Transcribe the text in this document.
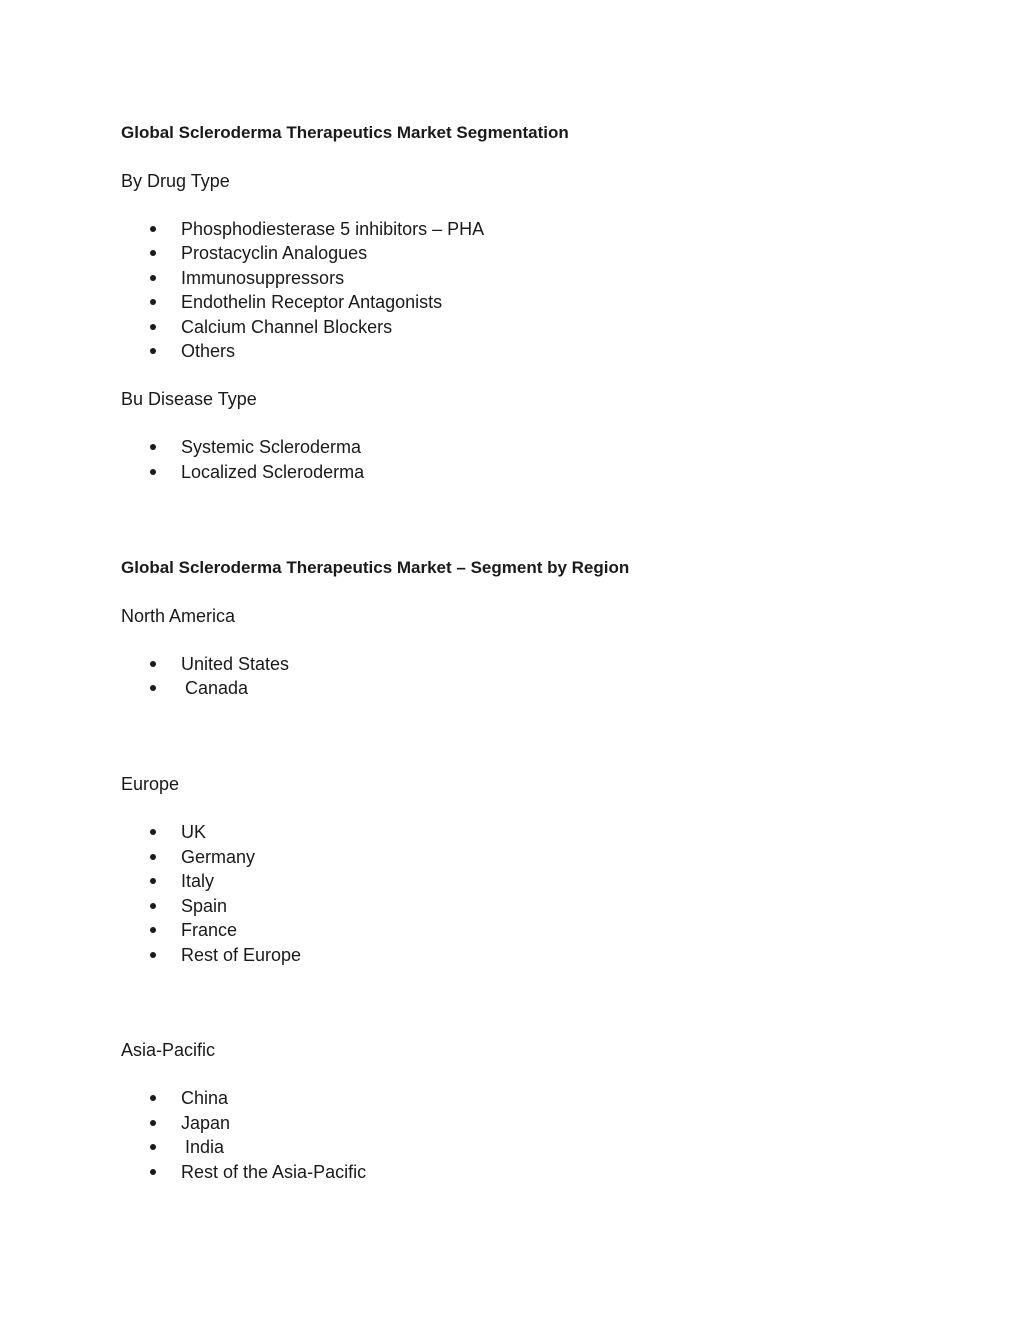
Global Scleroderma Therapeutics Market Segmentation
By Drug Type
Phosphodiesterase 5 inhibitors – PHA
Prostacyclin Analogues
Immunosuppressors
Endothelin Receptor Antagonists
Calcium Channel Blockers
Others
Bu Disease Type
Systemic Scleroderma
Localized Scleroderma
Global Scleroderma Therapeutics Market – Segment by Region
North America
United States
Canada
Europe
UK
Germany
Italy
Spain
France
Rest of Europe
Asia-Pacific
China
Japan
India
Rest of the Asia-Pacific
